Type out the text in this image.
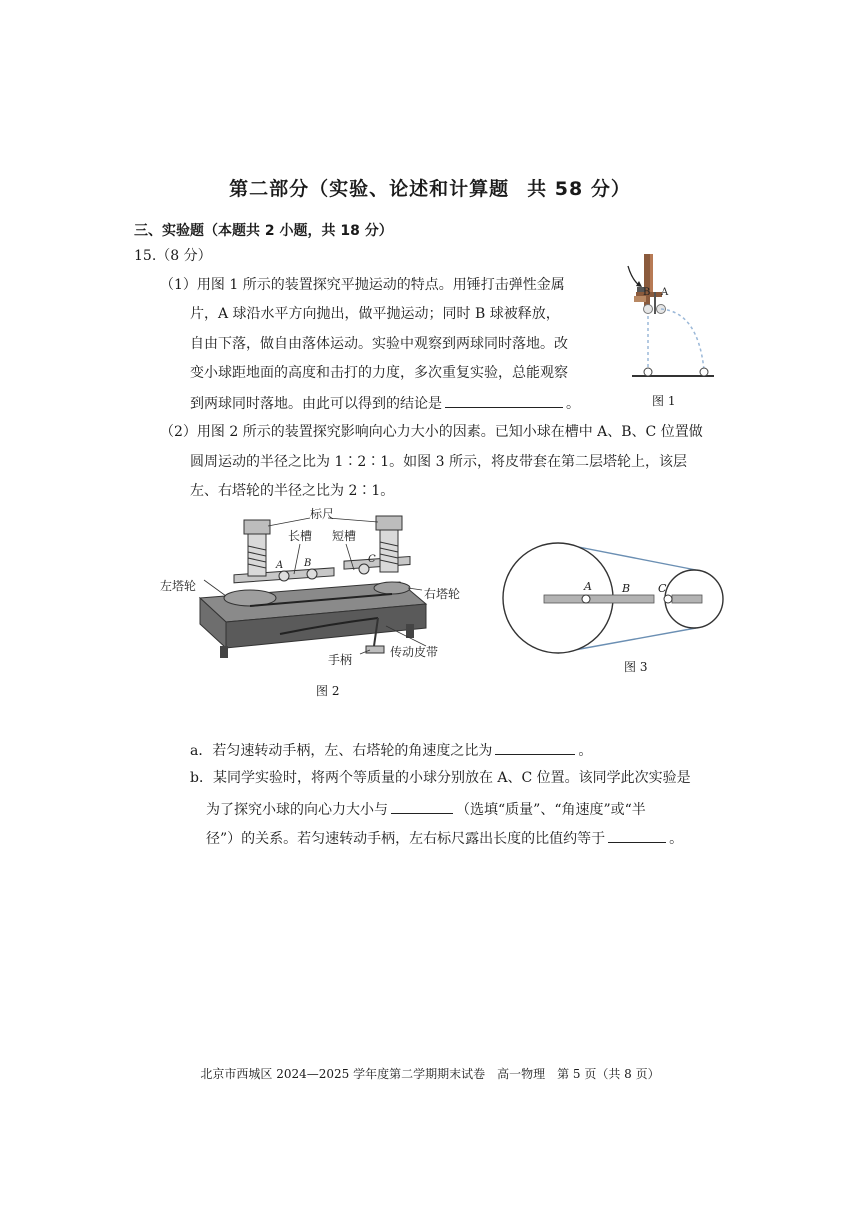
第二部分（实验、论述和计算题 共 58 分）
三、实验题（本题共 2 小题，共 18 分）
15.（8 分）
（1）用图 1 所示的装置探究平抛运动的特点。用锤打击弹性金属
片，A 球沿水平方向抛出，做平抛运动；同时 B 球被释放，
自由下落，做自由落体运动。实验中观察到两球同时落地。改
变小球距地面的高度和击打的力度，多次重复实验，总能观察
到两球同时落地。由此可以得到的结论是	。
B A
图 1
（2）用图 2 所示的装置探究影响向心力大小的因素。已知小球在槽中 A、B、C 位置做
圆周运动的半径之比为 1∶2∶1。如图 3 所示，将皮带套在第二层塔轮上，该层
左、右塔轮的半径之比为 2∶1。
标尺
长槽 短槽
左塔轮
右塔轮
手柄
传动皮带
A B	C
图 2
A	B	C
图 3
a．若匀速转动手柄，左、右塔轮的角速度之比为	。
b．某同学实验时，将两个等质量的小球分别放在 A、C 位置。该同学此次实验是
为了探究小球的向心力大小与	（选填“质量”、“角速度”或“半
径”）的关系。若匀速转动手柄，左右标尺露出长度的比值约等于	。
北京市西城区 2024—2025 学年度第二学期期末试卷　高一物理　第 5 页（共 8 页）
